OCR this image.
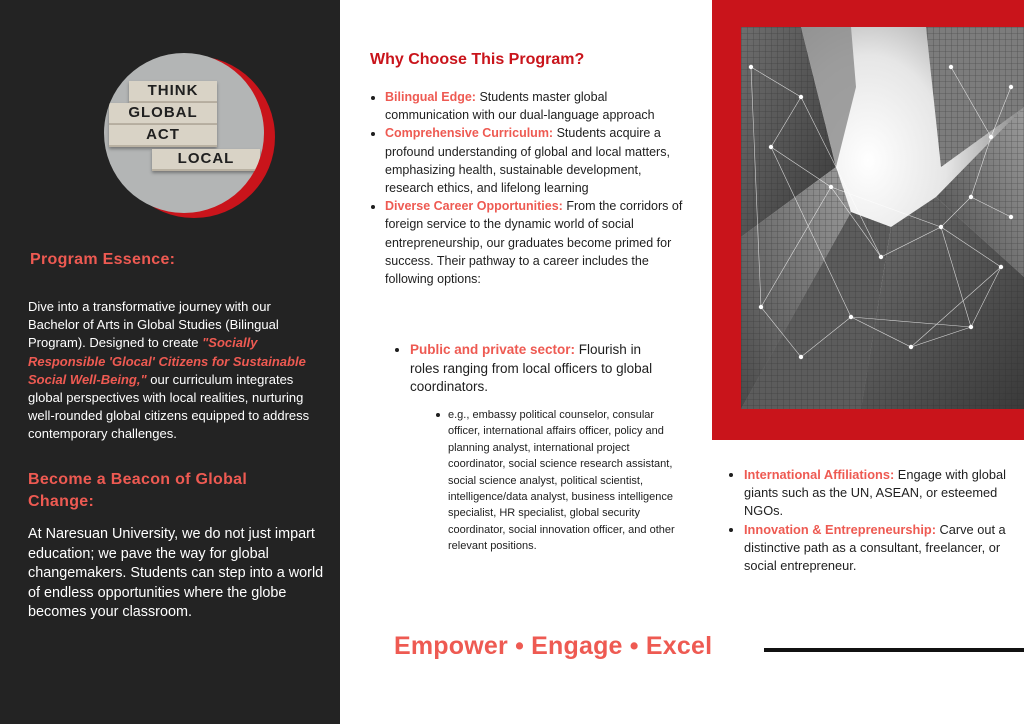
THINK
GLOBAL
ACT
LOCAL
Program Essence:

Dive into a transformative journey with our Bachelor of Arts in Global Studies (Bilingual Program). Designed to create "Socially Responsible 'Glocal' Citizens for Sustainable Social Well-Being," our curriculum integrates global perspectives with local realities, nurturing well-rounded global citizens equipped to address contemporary challenges.

Become a Beacon of Global Change:

At Naresuan University, we do not just impart education; we pave the way for global changemakers. Students can step into a world of endless opportunities where the globe becomes your classroom.

Why Choose This Program?
• Bilingual Edge: Students master global communication with our dual-language approach
• Comprehensive Curriculum: Students acquire a profound understanding of global and local matters, emphasizing health, sustainable development, research ethics, and lifelong learning
• Diverse Career Opportunities: From the corridors of foreign service to the dynamic world of social entrepreneurship, our graduates become primed for success. Their pathway to a career includes the following options:
• Public and private sector: Flourish in roles ranging from local officers to global coordinators.
e.g., embassy political counselor, consular officer, international affairs officer, policy and planning analyst, international project coordinator, social science research assistant, social science analyst, political scientist, intelligence/data analyst, business intelligence specialist, HR specialist, global security coordinator, social innovation officer, and other relevant positions.

Empower • Engage • Excel

• International Affiliations: Engage with global giants such as the UN, ASEAN, or esteemed NGOs.
• Innovation & Entrepreneurship: Carve out a distinctive path as a consultant, freelancer, or social entrepreneur.
